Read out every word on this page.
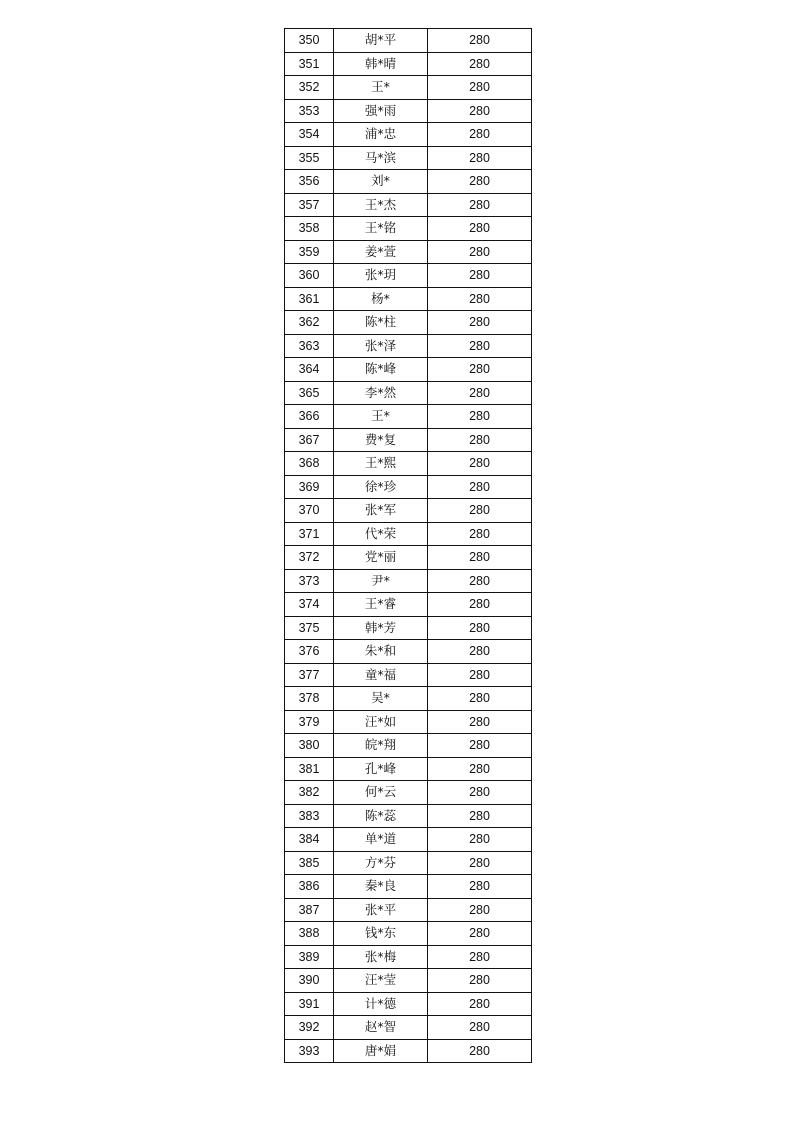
350	胡*平	280
351	韩*晴	280
352	王*	280
353	强*雨	280
354	浦*忠	280
355	马*滨	280
356	刘*	280
357	王*杰	280
358	王*铭	280
359	姜*萱	280
360	张*玥	280
361	杨*	280
362	陈*柱	280
363	张*泽	280
364	陈*峰	280
365	李*然	280
366	王*	280
367	费*复	280
368	王*熙	280
369	徐*珍	280
370	张*军	280
371	代*荣	280
372	党*丽	280
373	尹*	280
374	王*睿	280
375	韩*芳	280
376	朱*和	280
377	童*福	280
378	吴*	280
379	汪*如	280
380	皖*翔	280
381	孔*峰	280
382	何*云	280
383	陈*蕊	280
384	单*道	280
385	方*芬	280
386	秦*良	280
387	张*平	280
388	钱*东	280
389	张*梅	280
390	汪*莹	280
391	计*德	280
392	赵*智	280
393	唐*娟	280
